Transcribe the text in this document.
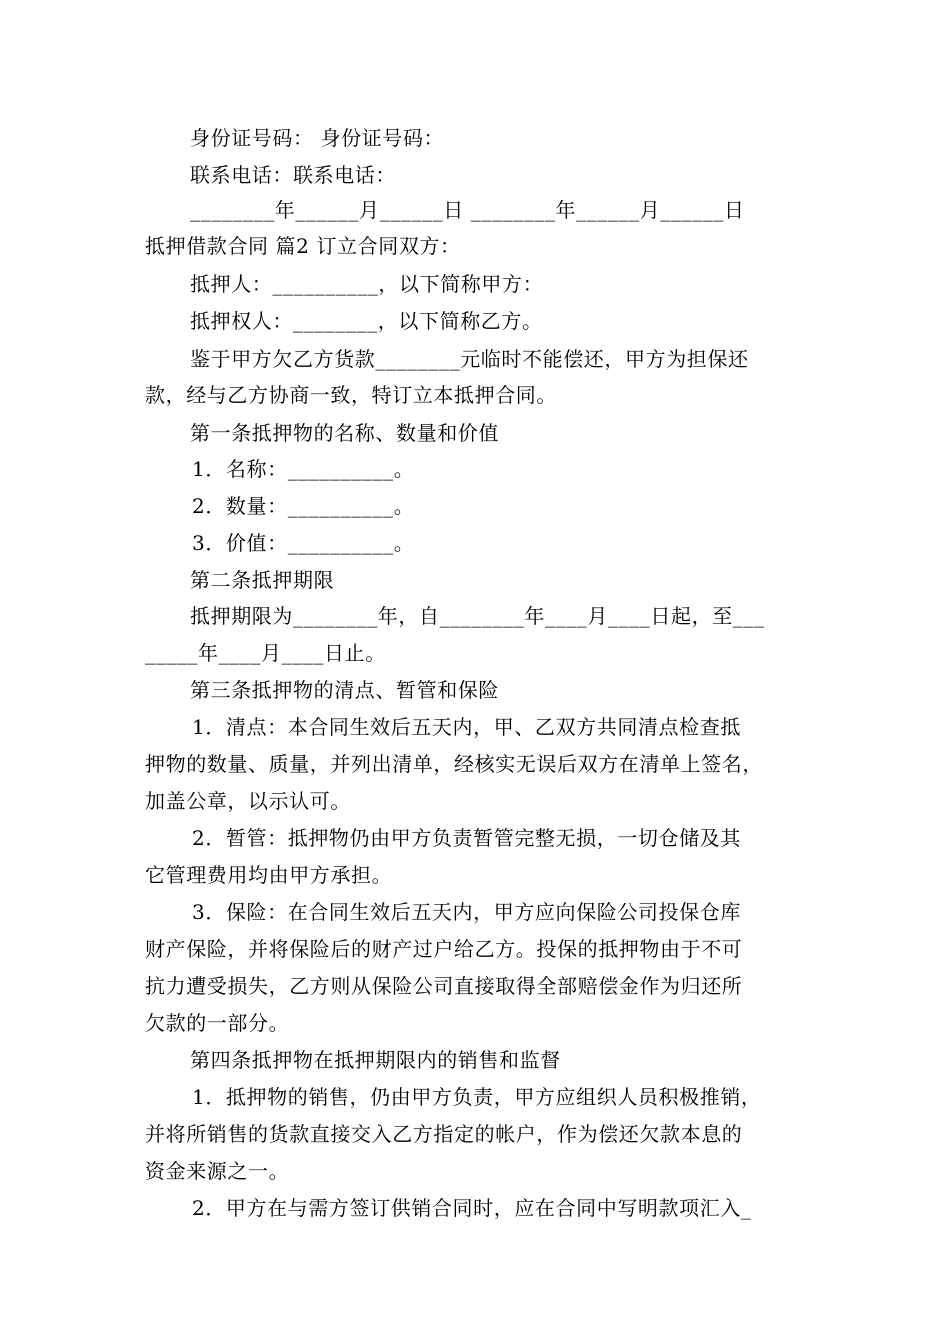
身份证号码： 身份证号码：
联系电话：联系电话：
________年______月______日 ________年______月______日
抵押借款合同 篇2 订立合同双方：
抵押人：__________，以下简称甲方：
抵押权人：________，以下简称乙方。
鉴于甲方欠乙方货款________元临时不能偿还，甲方为担保还
款，经与乙方协商一致，特订立本抵押合同。
第一条抵押物的名称、数量和价值
1．名称：__________。
2．数量：__________。
3．价值：__________。
第二条抵押期限
抵押期限为________年，自________年____月____日起，至___
_____年____月____日止。
第三条抵押物的清点、暂管和保险
1．清点：本合同生效后五天内，甲、乙双方共同清点检查抵
押物的数量、质量，并列出清单，经核实无误后双方在清单上签名，
加盖公章，以示认可。
2．暂管：抵押物仍由甲方负责暂管完整无损，一切仓储及其
它管理费用均由甲方承担。
3．保险：在合同生效后五天内，甲方应向保险公司投保仓库
财产保险，并将保险后的财产过户给乙方。投保的抵押物由于不可
抗力遭受损失，乙方则从保险公司直接取得全部赔偿金作为归还所
欠款的一部分。
第四条抵押物在抵押期限内的销售和监督
1．抵押物的销售，仍由甲方负责，甲方应组织人员积极推销，
并将所销售的货款直接交入乙方指定的帐户，作为偿还欠款本息的
资金来源之一。
2．甲方在与需方签订供销合同时，应在合同中写明款项汇入_
